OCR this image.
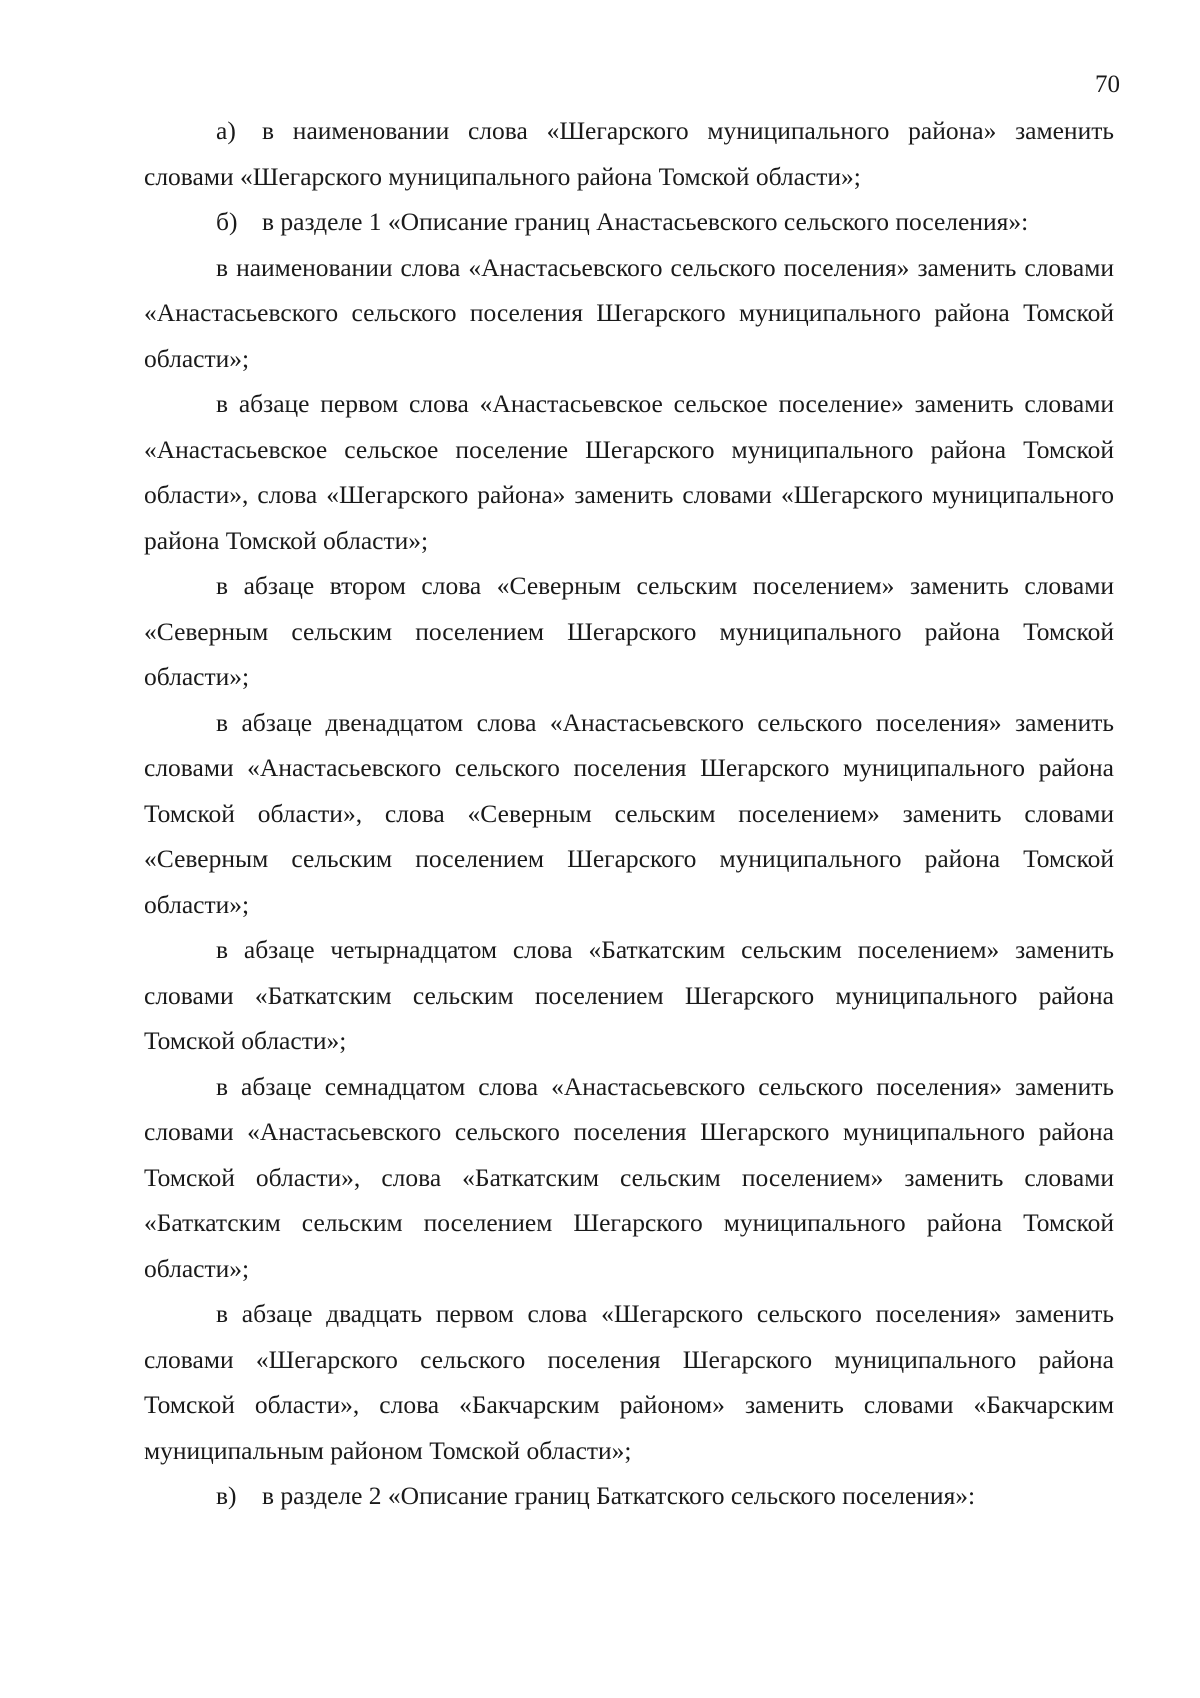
70

а) в наименовании слова «Шегарского муниципального района» заменить словами «Шегарского муниципального района Томской области»;

б) в разделе 1 «Описание границ Анастасьевского сельского поселения»:

в наименовании слова «Анастасьевского сельского поселения» заменить словами «Анастасьевского сельского поселения Шегарского муниципального района Томской области»;

в абзаце первом слова «Анастасьевское сельское поселение» заменить словами «Анастасьевское сельское поселение Шегарского муниципального района Томской области», слова «Шегарского района» заменить словами «Шегарского муниципального района Томской области»;

в абзаце втором слова «Северным сельским поселением» заменить словами «Северным сельским поселением Шегарского муниципального района Томской области»;

в абзаце двенадцатом слова «Анастасьевского сельского поселения» заменить словами «Анастасьевского сельского поселения Шегарского муниципального района Томской области», слова «Северным сельским поселением» заменить словами «Северным сельским поселением Шегарского муниципального района Томской области»;

в абзаце четырнадцатом слова «Баткатским сельским поселением» заменить словами «Баткатским сельским поселением Шегарского муниципального района Томской области»;

в абзаце семнадцатом слова «Анастасьевского сельского поселения» заменить словами «Анастасьевского сельского поселения Шегарского муниципального района Томской области», слова «Баткатским сельским поселением» заменить словами «Баткатским сельским поселением Шегарского муниципального района Томской области»;

в абзаце двадцать первом слова «Шегарского сельского поселения» заменить словами «Шегарского сельского поселения Шегарского муниципального района Томской области», слова «Бакчарским районом» заменить словами «Бакчарским муниципальным районом Томской области»;

в) в разделе 2 «Описание границ Баткатского сельского поселения»:
